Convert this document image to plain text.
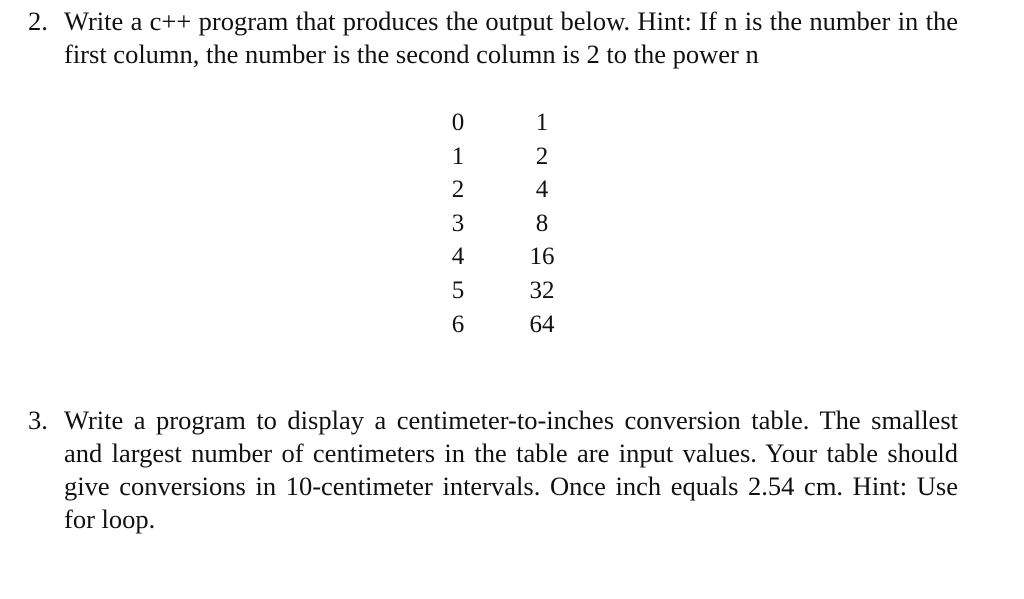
2. Write a c++ program that produces the output below. Hint: If n is the number in the first column, the number is the second column is 2 to the power n
0	1
1	2
2	4
3	8
4	16
5	32
6	64
3. Write a program to display a centimeter-to-inches conversion table. The smallest and largest number of centimeters in the table are input values. Your table should give conversions in 10-centimeter intervals. Once inch equals 2.54 cm. Hint: Use for loop.
